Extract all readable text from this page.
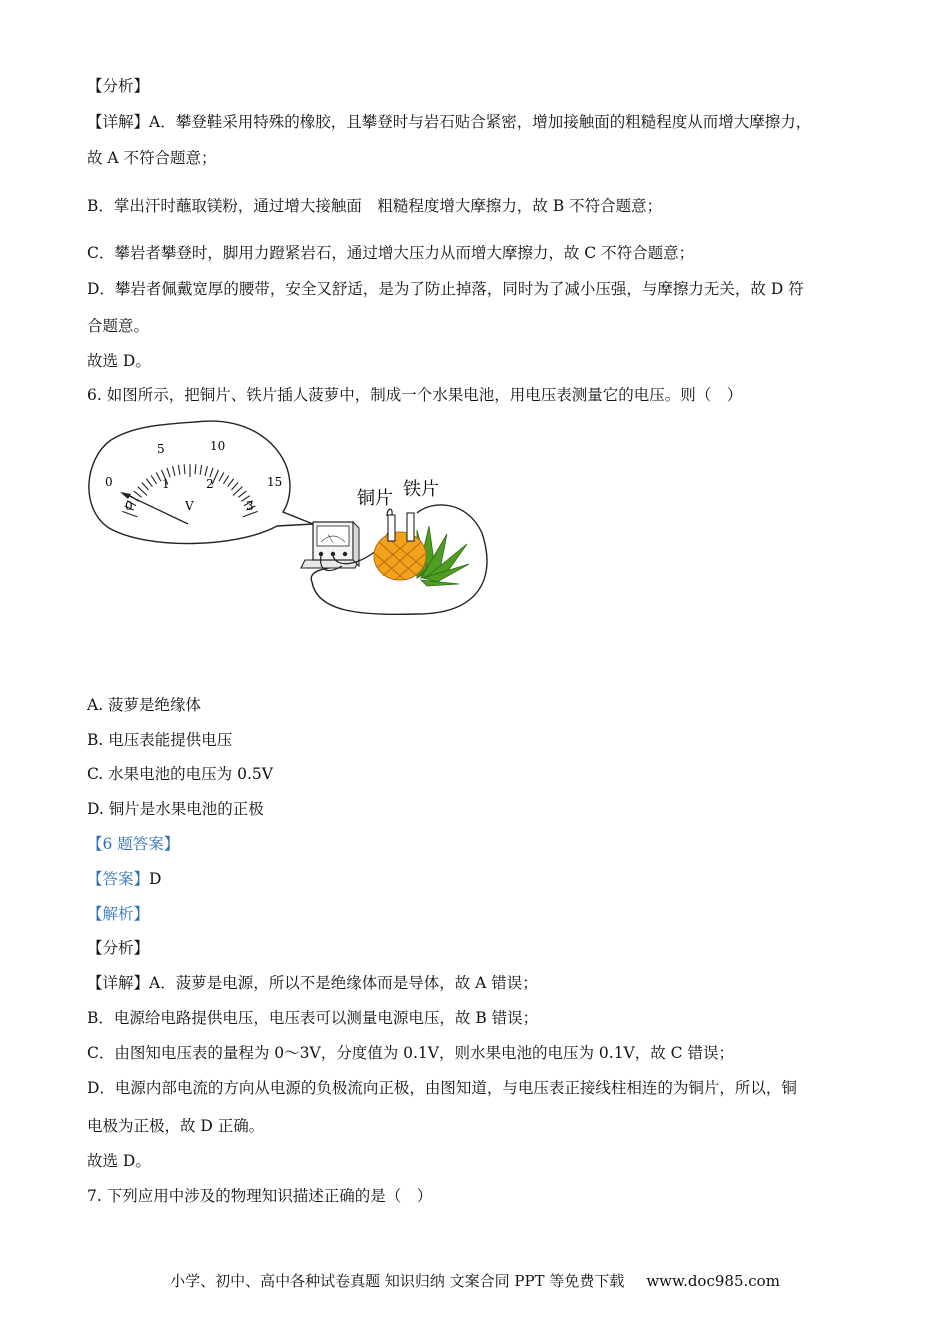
【分析】
【详解】A．攀登鞋采用特殊的橡胶，且攀登时与岩石贴合紧密，增加接触面的粗糙程度从而增大摩擦力，
故 A 不符合题意；
B．掌出汗时蘸取镁粉，通过增大接触面　粗糙程度增大摩擦力，故 B 不符合题意；
C．攀岩者攀登时，脚用力蹬紧岩石，通过增大压力从而增大摩擦力，故 C 不符合题意；
D．攀岩者佩戴宽厚的腰带，安全又舒适，是为了防止掉落，同时为了减小压强，与摩擦力无关，故 D 符
合题意。
故选 D。
6. 如图所示，把铜片、铁片插人菠萝中，制成一个水果电池，用电压表测量它的电压。则（　）
0
5	10
15
0
1	2
3
V	铜片 铁片
A. 菠萝是绝缘体
B. 电压表能提供电压
C. 水果电池的电压为 0.5V
D. 铜片是水果电池的正极
【6 题答案】
【答案】D
【解析】
【分析】
【详解】A．菠萝是电源，所以不是绝缘体而是导体，故 A 错误；
B．电源给电路提供电压，电压表可以测量电源电压，故 B 错误；
C．由图知电压表的量程为 0～3V，分度值为 0.1V，则水果电池的电压为 0.1V，故 C 错误；
D．电源内部电流的方向从电源的负极流向正极，由图知道，与电压表正接线柱相连的为铜片，所以，铜
电极为正极，故 D 正确。
故选 D。
7. 下列应用中涉及的物理知识描述正确的是（　）
小学、初中、高中各种试卷真题 知识归纳 文案合同 PPT 等免费下载 www.doc985.com
